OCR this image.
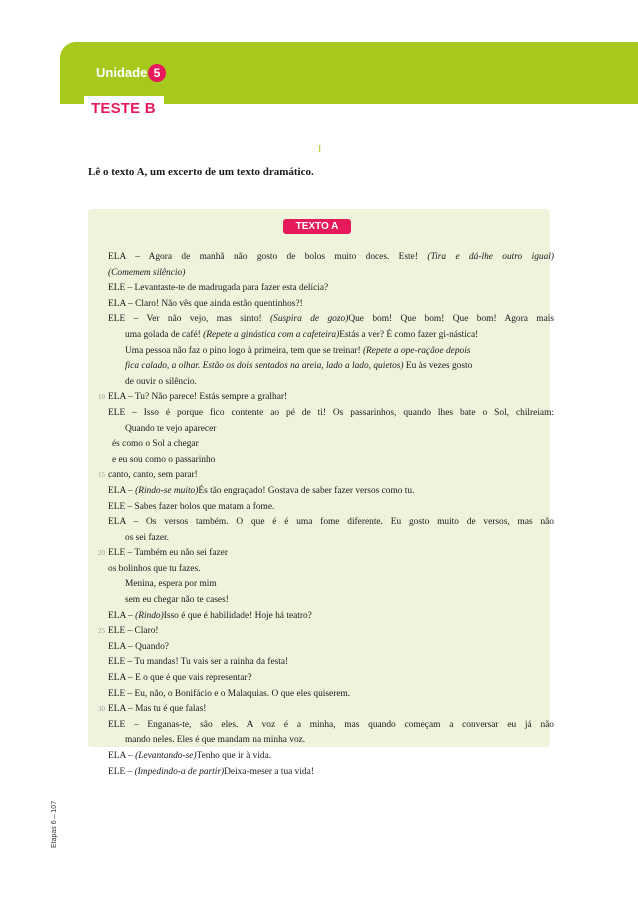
Unidade 5
TESTE B
I
Lê o texto A, um excerto de um texto dramático.
TEXTO A
ELA – Agora de manhã não gosto de bolos muito doces. Este! (Tira e dá-lhe outro igual)
(Comemem silêncio)
ELE – Levantaste-te de madrugada para fazer esta delícia?
ELA – Claro! Não vês que ainda estão quentinhos?!
ELE – Ver não vejo, mas sinto! (Suspira de gozo)Que bom! Que bom! Que bom! Agora mais
uma golada de café! (Repete a ginástica com a cafeteira)Estás a ver? É como fazer gi-nástica!
Uma pessoa não faz o pino logo à primeira, tem que se treinar! (Repete a ope-raçãoe depois
fica calado, a olhar. Estão os dois sentados na areia, lado a lado, quietos) Eu às vezes gosto
de ouvir o silêncio.
10 ELA – Tu? Não parece! Estás sempre a gralhar!
ELE – Isso é porque fico contente ao pé de ti! Os passarinhos, quando lhes bate o Sol, chilreiam:
Quando te vejo aparecer
és como o Sol a chegar
e eu sou como o passarinho
15 canto, canto, sem parar!
ELA – (Rindo-se muito)És tão engraçado! Gostava de saber fazer versos como tu.
ELE – Sabes fazer bolos que matam a fome.
ELA – Os versos também. O que é é uma fome diferente. Eu gosto muito de versos, mas não
os sei fazer.
20 ELE – Também eu não sei fazer
os bolinhos que tu fazes.
Menina, espera por mim
sem eu chegar não te cases!
ELA – (Rindo)Isso é que é habilidade! Hoje há teatro?
25 ELE – Claro!
ELA – Quando?
ELE – Tu mandas! Tu vais ser a rainha da festa!
ELA – E o que é que vais representar?
ELE – Eu, não, o Bonifácio e o Malaquias. O que eles quiserem.
30 ELA – Mas tu é que falas!
ELE – Enganas-te, são eles. A voz é a minha, mas quando começam a conversar eu já não
mando neles. Eles é que mandam na minha voz.
ELA – (Levantando-se)Tenho que ir à vida.
ELE – (Impedindo-a de partir)Deixa-meser a tua vida!
Etapas 6 – 107
